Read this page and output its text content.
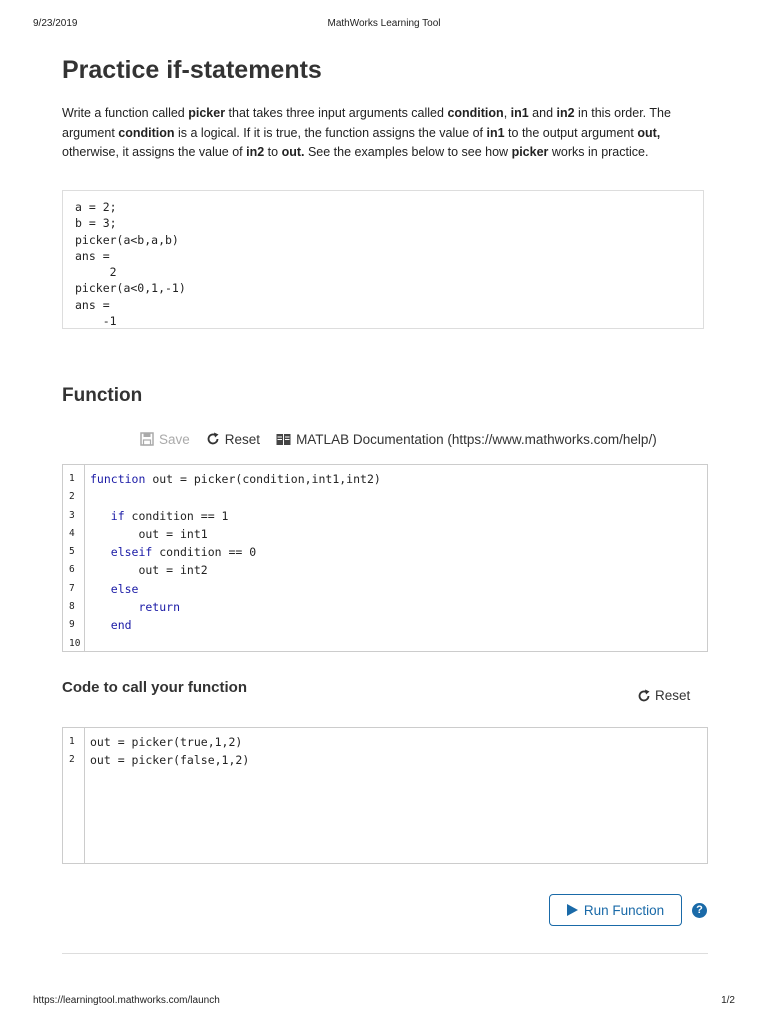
9/23/2019	MathWorks Learning Tool
Practice if-statements

Write a function called picker that takes three input arguments called condition, in1 and in2 in this order. The argument condition is a logical. If it is true, the function assigns the value of in1 to the output argument out, otherwise, it assigns the value of in2 to out. See the examples below to see how picker works in practice.

a = 2;
b = 3;
picker(a<b,a,b)
ans =
2
picker(a<0,1,-1)
ans =
-1
Function
Save	Reset	MATLAB Documentation (https://www.mathworks.com/help/)
1
2
3
4
5
6
7
8
9
10
function out = picker(condition,int1,int2)
if condition == 1
out = int1
elseif condition == 0
out = int2
else
return
end
Code to call your function	Reset
1
2
out = picker(true,1,2)
out = picker(false,1,2)
Run Function	?
https://learningtool.mathworks.com/launch	1/2
